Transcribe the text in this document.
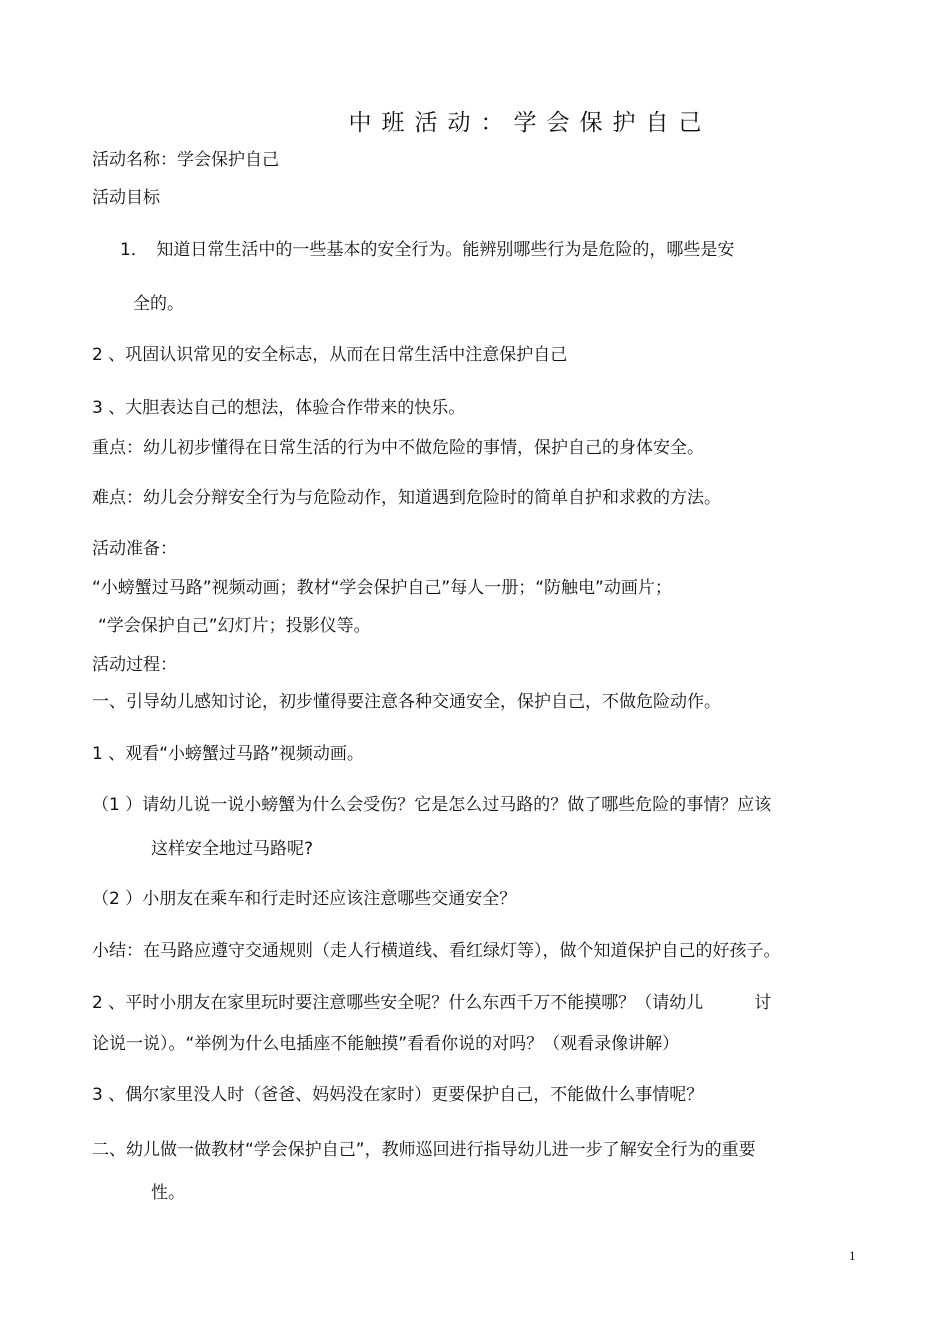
中班活动：学会保护自己
活动名称：学会保护自己
活动目标
1．　知道日常生活中的一些基本的安全行为。能辨别哪些行为是危险的，哪些是安
全的。
2 、巩固认识常见的安全标志，从而在日常生活中注意保护自己
3 、大胆表达自己的想法，体验合作带来的快乐。
重点：幼儿初步懂得在日常生活的行为中不做危险的事情，保护自己的身体安全。
难点：幼儿会分辩安全行为与危险动作，知道遇到危险时的简单自护和求救的方法。
活动准备：
“小螃蟹过马路”视频动画；教材“学会保护自己”每人一册；“防触电”动画片；
“学会保护自己”幻灯片；投影仪等。
活动过程：
一、引导幼儿感知讨论，初步懂得要注意各种交通安全，保护自己，不做危险动作。
1 、观看“小螃蟹过马路”视频动画。
（1 ）请幼儿说一说小螃蟹为什么会受伤？它是怎么过马路的？做了哪些危险的事情？应该
这样安全地过马路呢?
（2 ）小朋友在乘车和行走时还应该注意哪些交通安全？
小结：在马路应遵守交通规则（走人行横道线、看红绿灯等），做个知道保护自己的好孩子。
2 、平时小朋友在家里玩时要注意哪些安全呢？什么东西千万不能摸哪？（请幼儿　　　讨
论说一说）。“举例为什么电插座不能触摸”看看你说的对吗？（观看录像讲解）
3 、偶尔家里没人时（爸爸、妈妈没在家时）更要保护自己，不能做什么事情呢？
二、幼儿做一做教材“学会保护自己”，教师巡回进行指导幼儿进一步了解安全行为的重要
性。
1
